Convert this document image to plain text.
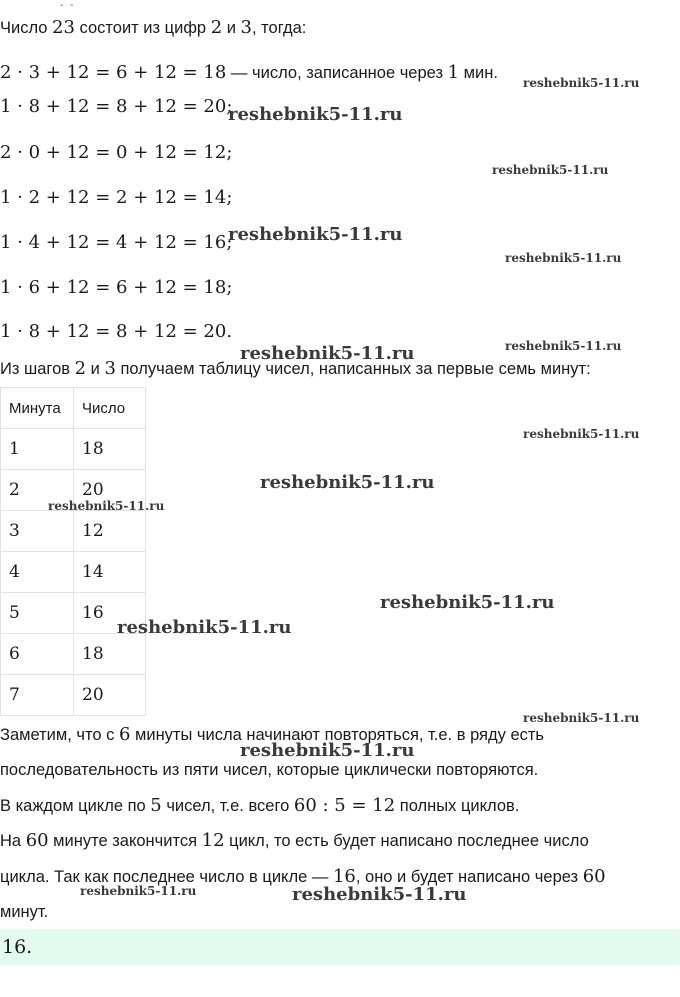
- -
Число 23 состоит из цифр 2 и 3, тогда:
2 · 3 + 12 = 6 + 12 = 18 — число, записанное через 1 мин.
1 · 8 + 12 = 8 + 12 = 20;
2 · 0 + 12 = 0 + 12 = 12;
1 · 2 + 12 = 2 + 12 = 14;
1 · 4 + 12 = 4 + 12 = 16;
1 · 6 + 12 = 6 + 12 = 18;
1 · 8 + 12 = 8 + 12 = 20.
Из шагов 2 и 3 получаем таблицу чисел, написанных за первые семь минут:
Минута	Число
1	18
2	20
3	12
4	14
5	16
6	18
7	20
Заметим, что с 6 минуты числа начинают повторяться, т.е. в ряду есть
последовательность из пяти чисел, которые циклически повторяются.
В каждом цикле по 5 чисел, т.е. всего 60 : 5 = 12 полных циклов.
На 60 минуте закончится 12 цикл, то есть будет написано последнее число
цикла. Так как последнее число в цикле — 16, оно и будет написано через 60
минут.
16.
reshebnik5-11.ru
reshebnik5-11.ru
reshebnik5-11.ru
reshebnik5-11.ru
reshebnik5-11.ru
reshebnik5-11.ru
reshebnik5-11.ru
reshebnik5-11.ru
reshebnik5-11.ru
reshebnik5-11.ru
reshebnik5-11.ru
reshebnik5-11.ru
reshebnik5-11.ru
reshebnik5-11.ru
reshebnik5-11.ru	reshebnik5-11.ru
